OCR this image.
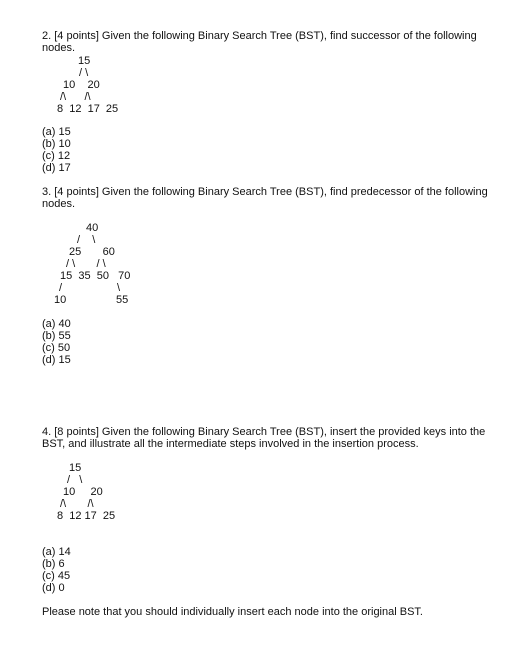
2. [4 points] Given the following Binary Search Tree (BST), find successor of the following nodes.

15
/ \
10    20
/\      /\
8  12  17  25
(a) 15
(b) 10
(c) 12
(d) 17

3. [4 points] Given the following Binary Search Tree (BST), find predecessor of the following nodes.

40
/    \
25       60
/ \       / \
15  35  50   70
/	\
10	55
(a) 40
(b) 55
(c) 50
(d) 15

4. [8 points] Given the following Binary Search Tree (BST), insert the provided keys into the BST, and illustrate all the intermediate steps involved in the insertion process.

15
/   \
10     20
/\       /\
8  12 17  25
(a) 14
(b) 6
(c) 45
(d) 0
Please note that you should individually insert each node into the original BST.
